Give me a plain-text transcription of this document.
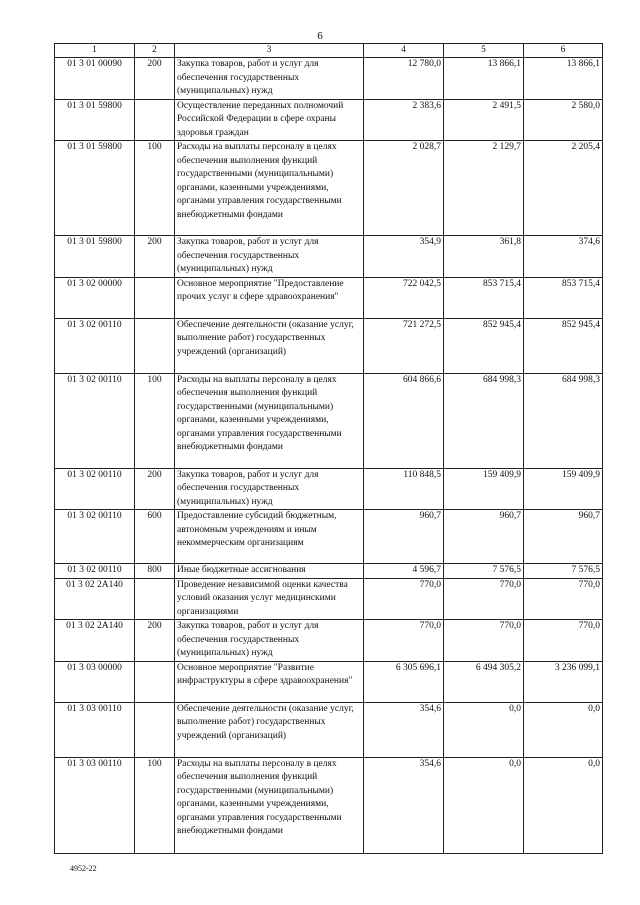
6
1	2	3	4	5	6
01 3 01 00090	200	Закупка товаров, работ и услуг для обеспечения государственных (муниципальных) нужд	12 780,0	13 866,1	13 866,1
01 3 01 59800		Осуществление переданных полномочий Российской Федерации в сфере охраны здоровья граждан	2 383,6	2 491,5	2 580,0
01 3 01 59800	100	Расходы на выплаты персоналу в целях обеспечения выполнения функций государственными (муниципальными) органами, казенными учреждениями, органами управления государственными внебюджетными фондами	2 028,7	2 129,7	2 205,4
01 3 01 59800	200	Закупка товаров, работ и услуг для обеспечения государственных (муниципальных) нужд	354,9	361,8	374,6
01 3 02 00000		Основное мероприятие "Предоставление прочих услуг в сфере здравоохранения"	722 042,5	853 715,4	853 715,4
01 3 02 00110		Обеспечение деятельности (оказание услуг, выполнение работ) государственных учреждений (организаций)	721 272,5	852 945,4	852 945,4
01 3 02 00110	100	Расходы на выплаты персоналу в целях обеспечения выполнения функций государственными (муниципальными) органами, казенными учреждениями, органами управления государственными внебюджетными фондами	604 866,6	684 998,3	684 998,3
01 3 02 00110	200	Закупка товаров, работ и услуг для обеспечения государственных (муниципальных) нужд	110 848,5	159 409,9	159 409,9
01 3 02 00110	600	Предоставление субсидий бюджетным, автономным учреждениям и иным некоммерческим организациям	960,7	960,7	960,7
01 3 02 00110	800	Иные бюджетные ассигнования	4 596,7	7 576,5	7 576,5
01 3 02 2А140		Проведение независимой оценки качества условий оказания услуг медицинскими организациями	770,0	770,0	770,0
01 3 02 2А140	200	Закупка товаров, работ и услуг для обеспечения государственных (муниципальных) нужд	770,0	770,0	770,0
01 3 03 00000		Основное мероприятие "Развитие инфраструктуры в сфере здравоохранения"	6 305 696,1	6 494 305,2	3 236 099,1
01 3 03 00110		Обеспечение деятельности (оказание услуг, выполнение работ) государственных учреждений (организаций)	354,6	0,0	0,0
01 3 03 00110	100	Расходы на выплаты персоналу в целях обеспечения выполнения функций государственными (муниципальными) органами, казенными учреждениями, органами управления государственными внебюджетными фондами	354,6	0,0	0,0
4952-22
